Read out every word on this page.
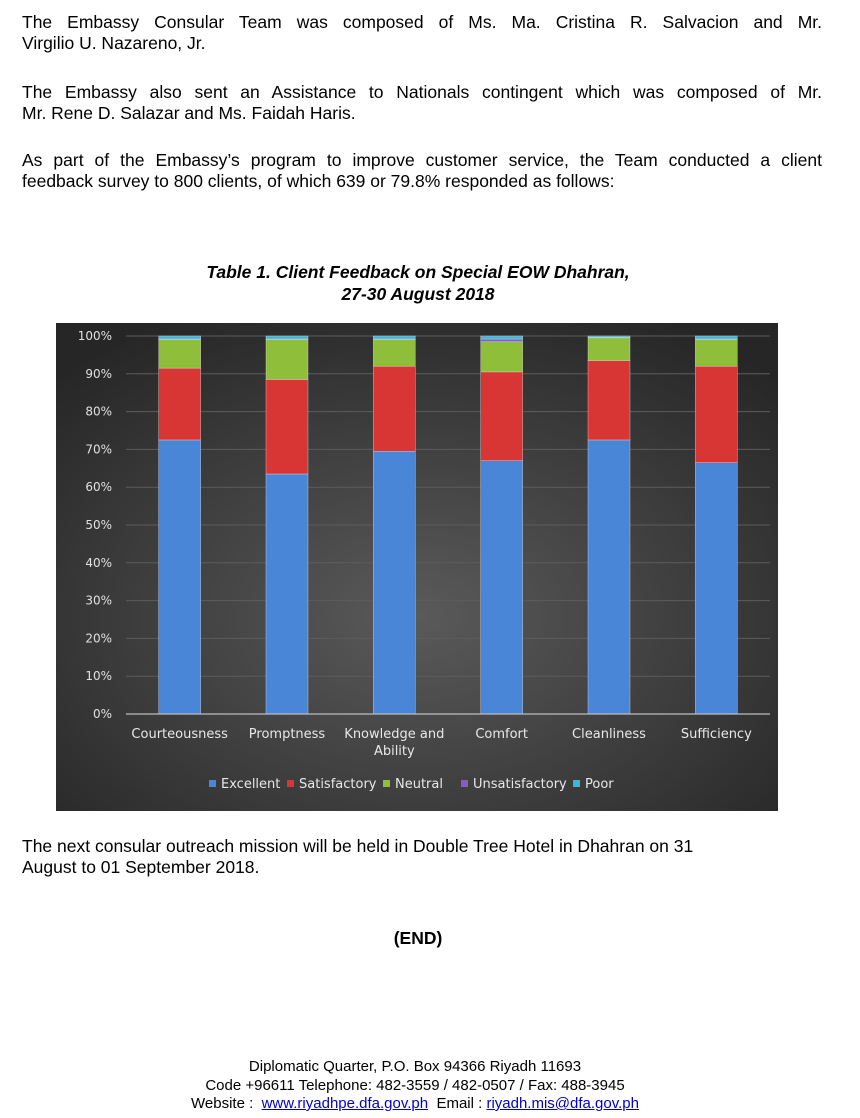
The Embassy Consular Team was composed of Ms. Ma. Cristina R. Salvacion and Mr.
Virgilio U. Nazareno, Jr.

The Embassy also sent an Assistance to Nationals contingent which was composed of Mr.
Mr. Rene D. Salazar and Ms. Faidah Haris.

As part of the Embassy’s program to improve customer service, the Team conducted a client
feedback survey to 800 clients, of which 639 or 79.8% responded as follows:

Table 1. Client Feedback on Special EOW Dhahran,
27-30 August 2018
0%
10%
20%
30%
40%
50%
60%
70%
80%
90%
100%
Courteousness Promptness Knowledge and
Ability
Comfort	Cleanliness	Sufficiency
Excellent Satisfactory Neutral Unsatisfactory Poor

The next consular outreach mission will be held in Double Tree Hotel in Dhahran on 31
August to 01 September 2018.

(END)
Diplomatic Quarter, P.O. Box 94366 Riyadh 11693
Code +96611 Telephone: 482-3559 / 482-0507 / Fax: 488-3945
Website : www.riyadhpe.dfa.gov.ph Email : riyadh.mis@dfa.gov.ph
